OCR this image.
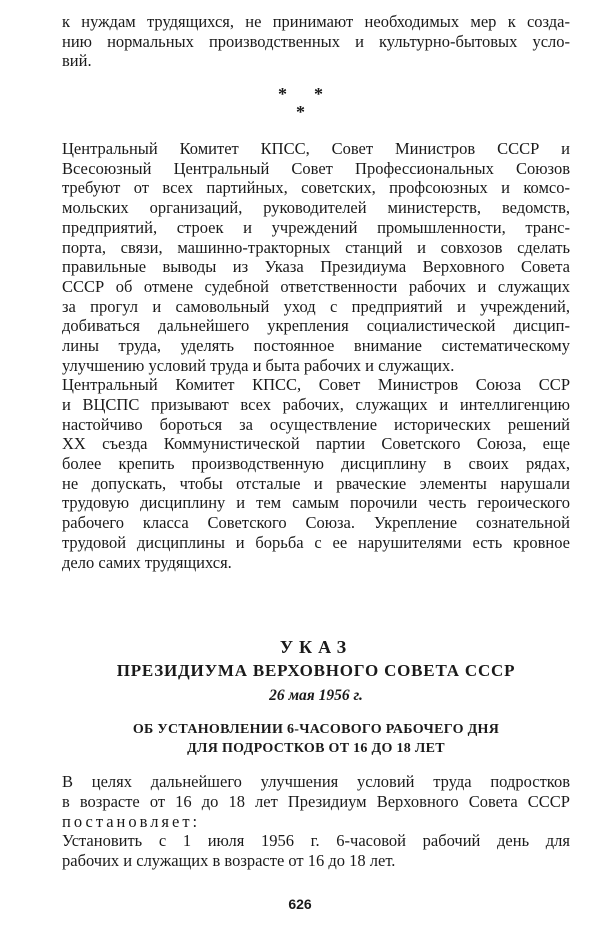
к нуждам трудящихся, не принимают необходимых мер к созда-
нию нормальных производственных и культурно-бытовых усло-
вий.
* *
*
Центральный Комитет КПСС, Совет Министров СССР и
Всесоюзный Центральный Совет Профессиональных Союзов
требуют от всех партийных, советских, профсоюзных и комсо-
мольских организаций, руководителей министерств, ведомств,
предприятий, строек и учреждений промышленности, транс-
порта, связи, машинно-тракторных станций и совхозов сделать
правильные выводы из Указа Президиума Верховного Совета
СССР об отмене судебной ответственности рабочих и служащих
за прогул и самовольный уход с предприятий и учреждений,
добиваться дальнейшего укрепления социалистической дисцип-
лины труда, уделять постоянное внимание систематическому
улучшению условий труда и быта рабочих и служащих.
Центральный Комитет КПСС, Совет Министров Союза ССР
и ВЦСПС призывают всех рабочих, служащих и интеллигенцию
настойчиво бороться за осуществление исторических решений
XX съезда Коммунистической партии Советского Союза, еще
более крепить производственную дисциплину в своих рядах,
не допускать, чтобы отсталые и рваческие элементы нарушали
трудовую дисциплину и тем самым порочили честь героического
рабочего класса Советского Союза. Укрепление сознательной
трудовой дисциплины и борьба с ее нарушителями есть кровное
дело самих трудящихся.
УКАЗ
ПРЕЗИДИУМА ВЕРХОВНОГО СОВЕТА СССР
26 мая 1956 г.
ОБ УСТАНОВЛЕНИИ 6-ЧАСОВОГО РАБОЧЕГО ДНЯ
ДЛЯ ПОДРОСТКОВ ОТ 16 ДО 18 ЛЕТ
В целях дальнейшего улучшения условий труда подростков
в возрасте от 16 до 18 лет Президиум Верховного Совета СССР
постановляет:
Установить с 1 июля 1956 г. 6-часовой рабочий день для
рабочих и служащих в возрасте от 16 до 18 лет.
626
